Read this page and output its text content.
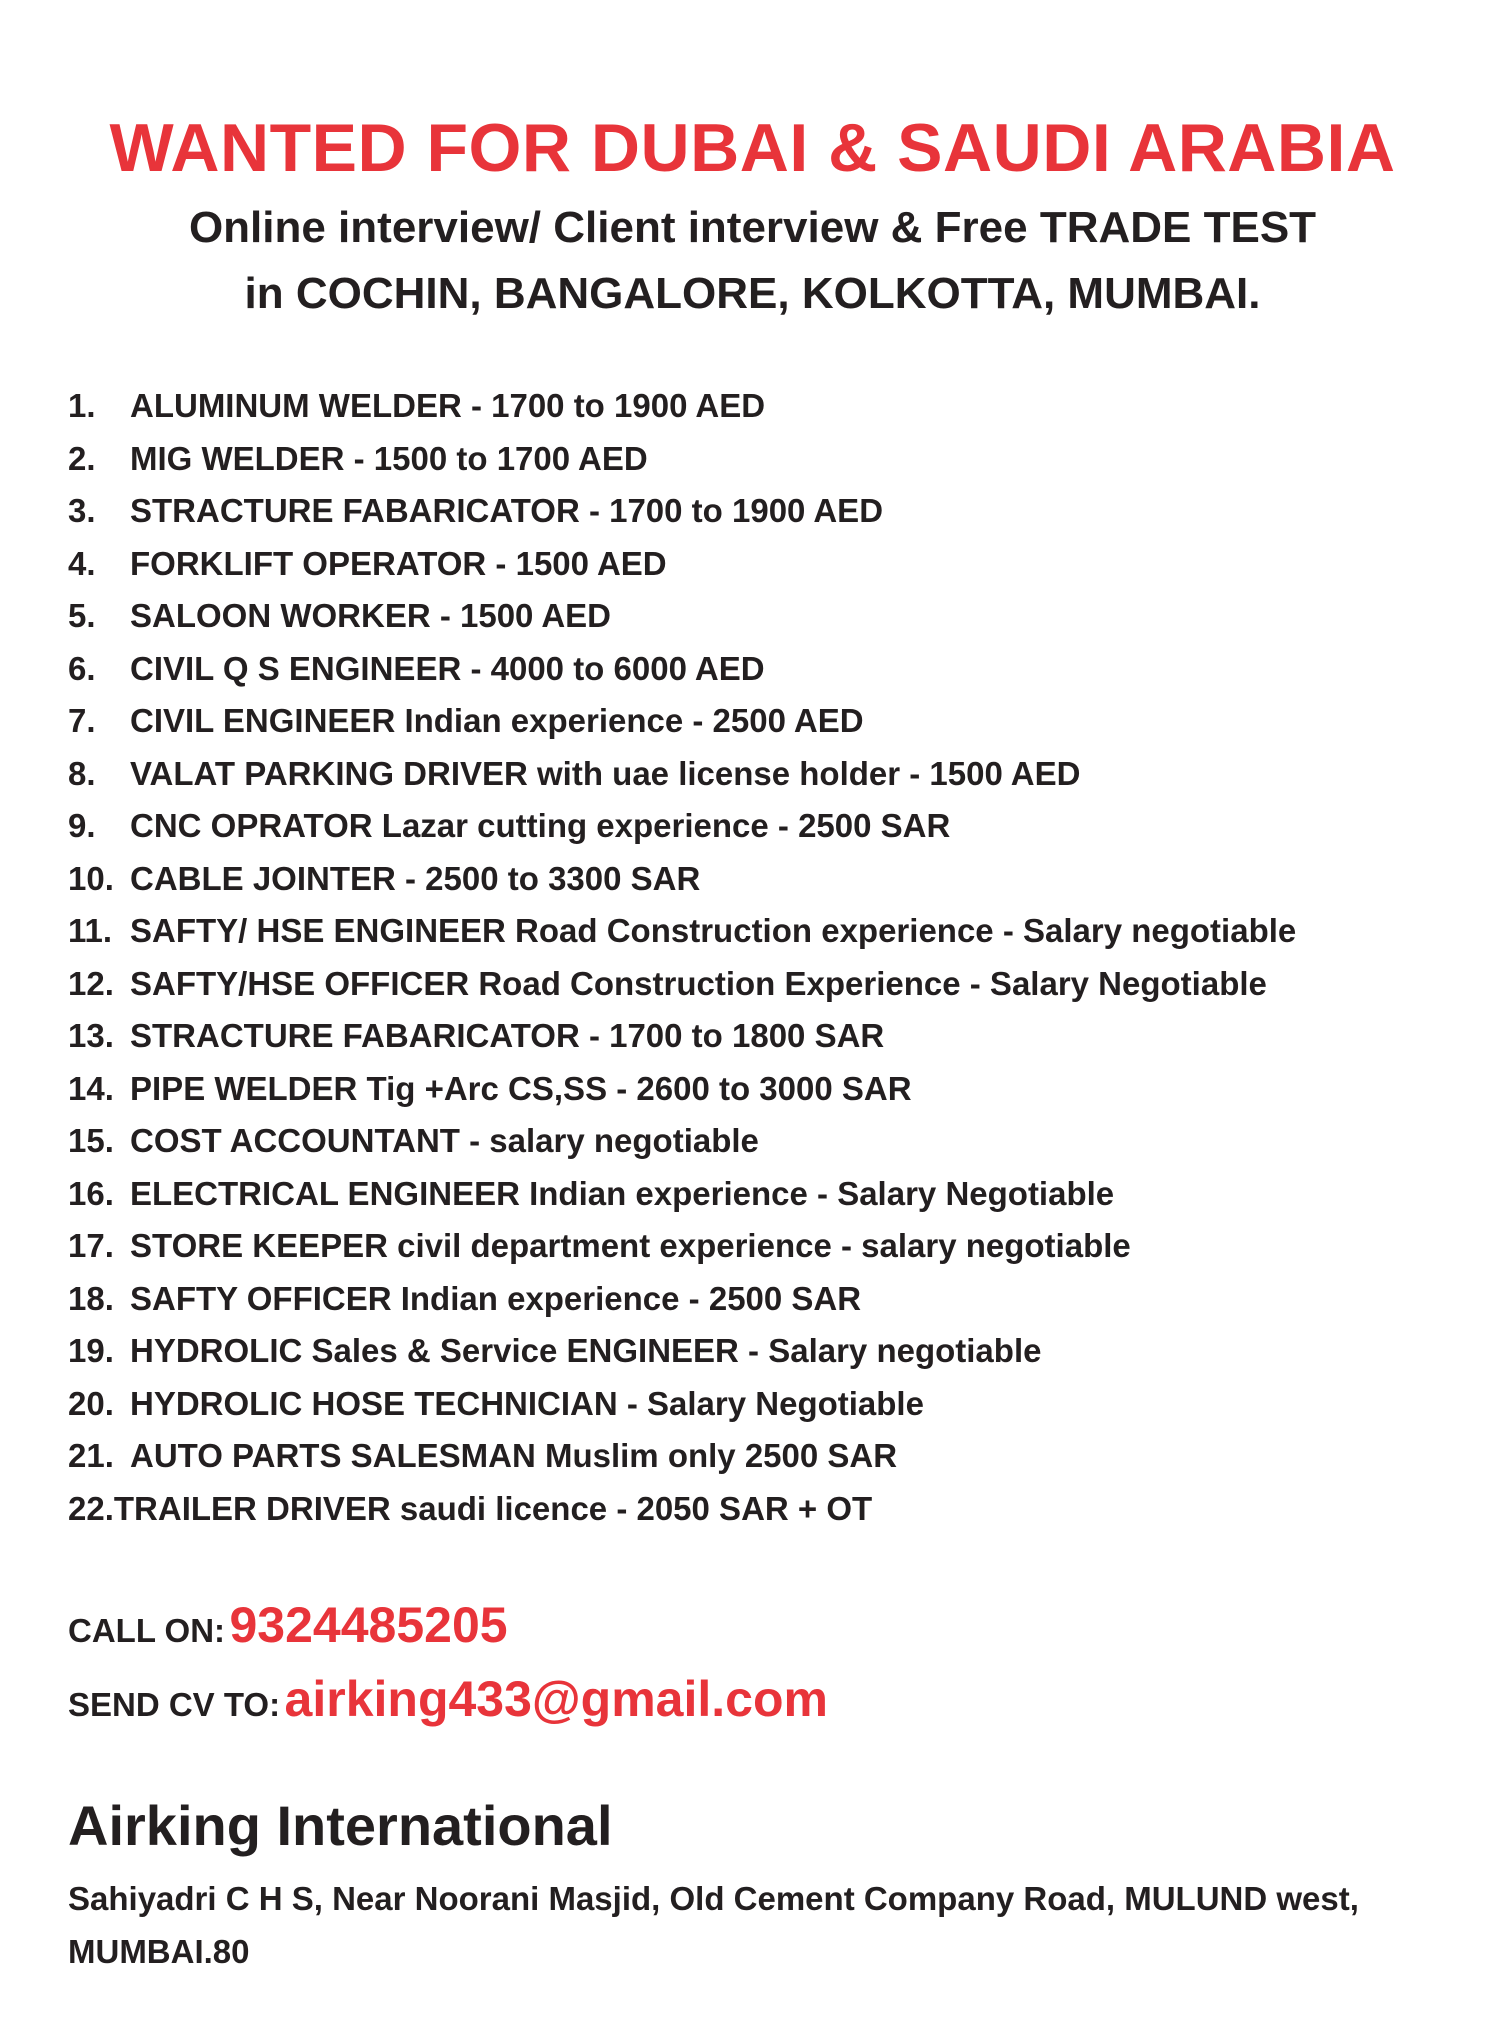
WANTED FOR DUBAI & SAUDI ARABIA
Online interview/ Client interview & Free TRADE TEST
in COCHIN, BANGALORE, KOLKOTTA, MUMBAI.
1.	ALUMINUM WELDER - 1700 to 1900 AED
2.	MIG WELDER - 1500 to 1700 AED
3.	STRACTURE FABARICATOR - 1700 to 1900 AED
4.	FORKLIFT OPERATOR - 1500 AED
5.	SALOON WORKER - 1500 AED
6.	CIVIL Q S ENGINEER - 4000 to 6000 AED
7.	CIVIL ENGINEER Indian experience - 2500 AED
8.	VALAT PARKING DRIVER with uae license holder - 1500 AED
9.	CNC OPRATOR Lazar cutting experience - 2500 SAR
10. CABLE JOINTER - 2500 to 3300 SAR
11. SAFTY/ HSE ENGINEER Road Construction experience - Salary negotiable
12. SAFTY/HSE OFFICER Road Construction Experience - Salary Negotiable
13. STRACTURE FABARICATOR - 1700 to 1800 SAR
14. PIPE WELDER Tig +Arc CS,SS - 2600 to 3000 SAR
15. COST ACCOUNTANT - salary negotiable
16. ELECTRICAL ENGINEER Indian experience - Salary Negotiable
17. STORE KEEPER civil department experience - salary negotiable
18. SAFTY OFFICER Indian experience - 2500 SAR
19. HYDROLIC Sales & Service ENGINEER - Salary negotiable
20. HYDROLIC HOSE TECHNICIAN - Salary Negotiable
21. AUTO PARTS SALESMAN Muslim only 2500 SAR
22. TRAILER DRIVER saudi licence - 2050 SAR + OT
CALL ON: 9324485205
SEND CV TO: airking433@gmail.com
Airking International
Sahiyadri C H S, Near Noorani Masjid, Old Cement Company Road, MULUND west, MUMBAI.80
